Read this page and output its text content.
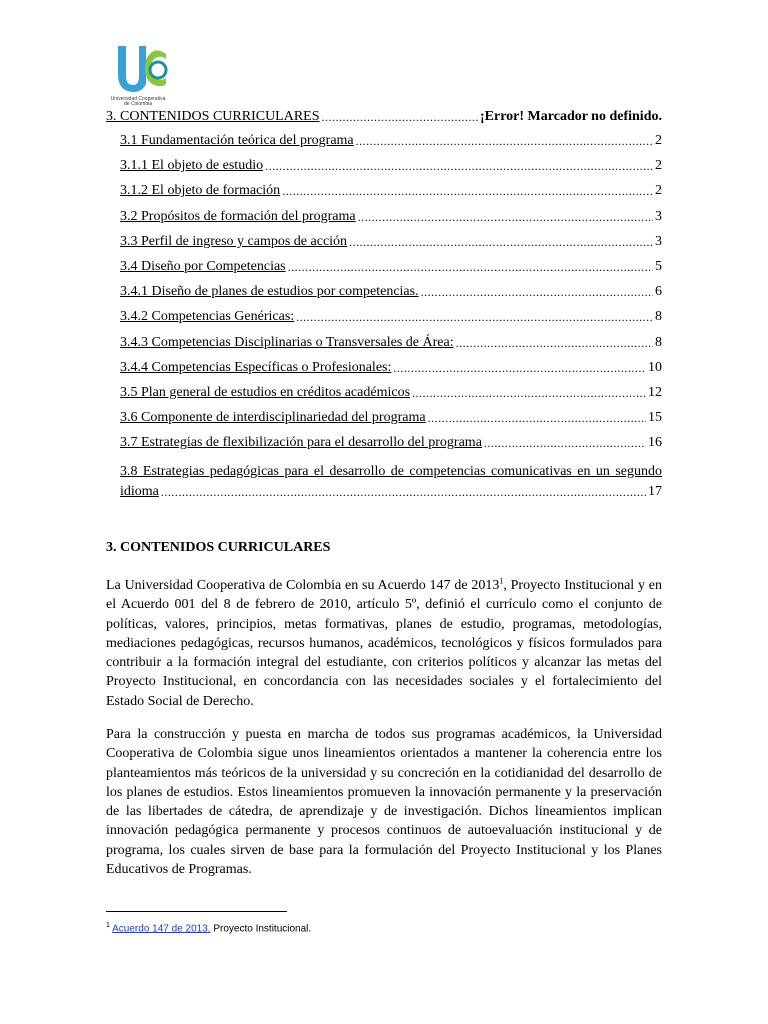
Universidad Cooperativa
de Colombia
3. CONTENIDOS CURRICULARES .....	¡Error! Marcador no definido.
3.1 Fundamentación teórica del programa .....	2
3.1.1 El objeto de estudio .....	2
3.1.2 El objeto de formación .....	2
3.2 Propósitos de formación del programa .....	3
3.3 Perfil de ingreso y campos de acción .....	3
3.4 Diseño por Competencias .....	5
3.4.1 Diseño de planes de estudios por competencias. .....	6
3.4.2 Competencias Genéricas: .....	8
3.4.3 Competencias Disciplinarias o Transversales de Área: .....	8
3.4.4 Competencias Específicas o Profesionales: .....	10
3.5 Plan general de estudios en créditos académicos .....	12
3.6 Componente de interdisciplinariedad del programa .....	15
3.7 Estrategias de flexibilización para el desarrollo del programa .....	16
3.8 Estrategias pedagógicas para el desarrollo de competencias comunicativas en un segundo
idioma .....	17
3. CONTENIDOS CURRICULARES
La Universidad Cooperativa de Colombia en su Acuerdo 147 de 2013$^1$, Proyecto Institucional y en el Acuerdo 001 del 8 de febrero de 2010, artículo 5º, definió el currículo como el conjunto de políticas, valores, principios, metas formativas, planes de estudio, programas, metodologías, mediaciones pedagógicas, recursos humanos, académicos, tecnológicos y físicos formulados para contribuir a la formación integral del estudiante, con criterios políticos y alcanzar las metas del Proyecto Institucional, en concordancia con las necesidades sociales y el fortalecimiento del Estado Social de Derecho.
Para la construcción y puesta en marcha de todos sus programas académicos, la Universidad Cooperativa de Colombia sigue unos lineamientos orientados a mantener la coherencia entre los planteamientos más teóricos de la universidad y su concreción en la cotidianidad del desarrollo de los planes de estudios. Estos lineamientos promueven la innovación permanente y la preservación de las libertades de cátedra, de aprendizaje y de investigación. Dichos lineamientos implican innovación pedagógica permanente y procesos continuos de autoevaluación institucional y de programa, los cuales sirven de base para la formulación del Proyecto Institucional y los Planes Educativos de Programas.
$^1$ Acuerdo 147 de 2013. Proyecto Institucional.
